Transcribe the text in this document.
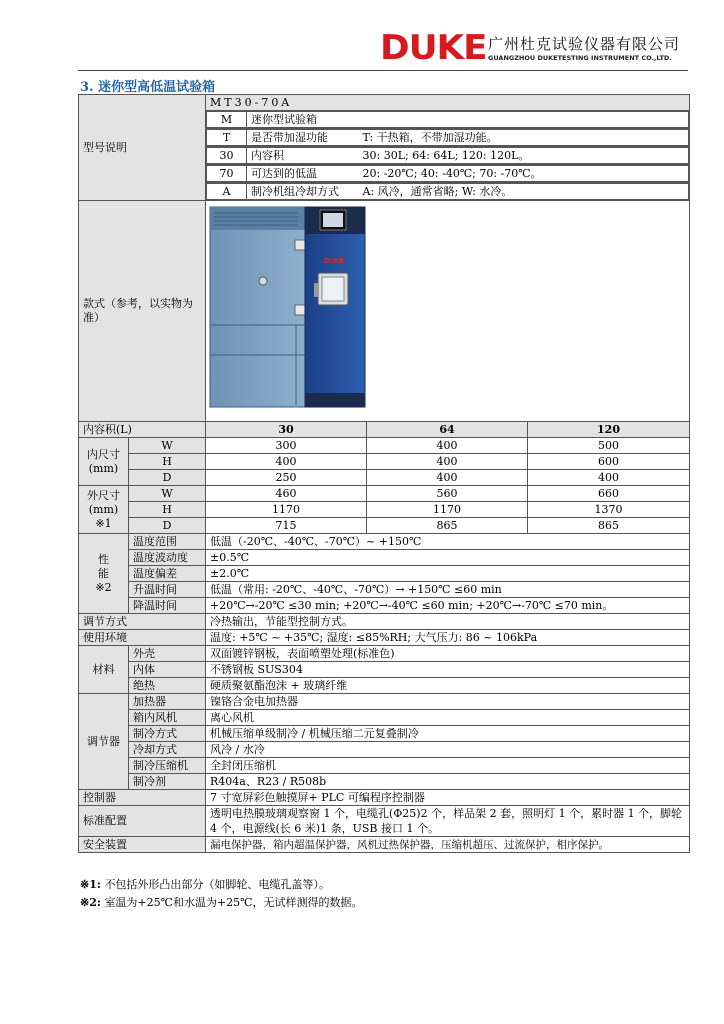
DUKE 广州杜克试验仪器有限公司
GUANGZHOU DUKETESTING INSTRUMENT CO.,LTD.
3. 迷你型高低温试验箱
型号说明	MT30-70A

M	迷你型试验箱

T	是否带加湿功能	T: 干热箱，不带加湿功能。

30	内容积	30: 30L; 64: 64L; 120: 120L。

70	可达到的低温	20: -20℃; 40: -40℃; 70: -70℃。

A	制冷机组冷却方式	A: 风冷，通常省略; W: 水冷。

款式（参考，以实物为准）	
DUKE

内容积(L)	30	64	120
内尺寸(mm)	W	300	400	500
H	400	400	600
D	250	400	400
外尺寸(mm)
※1	W	460	560	660
H	1170	1170	1370
D	715	865	865
性
能
※2	温度范围	低温（-20℃、-40℃、-70℃）~ +150℃
温度波动度	±0.5℃
温度偏差	±2.0℃
升温时间	低温（常用: -20℃、-40℃、-70℃）→ +150℃ ≤60 min
降温时间	+20℃→-20℃ ≤30 min; +20℃→-40℃ ≤60 min; +20℃→-70℃ ≤70 min。
调节方式	冷热输出，节能型控制方式。
使用环境	温度: +5℃ ~ +35℃; 湿度: ≤85%RH; 大气压力: 86 ~ 106kPa
材料	外壳	双面镀锌钢板，表面喷塑处理(标准色)
内体	不锈钢板 SUS304
绝热	硬质聚氨酯泡沫 + 玻璃纤维
调节器	加热器	镍铬合金电加热器
箱内风机	离心风机
制冷方式	机械压缩单级制冷 / 机械压缩二元复叠制冷
冷却方式	风冷 / 水冷
制冷压缩机	全封闭压缩机
制冷剂	R404a、R23 / R508b
控制器	7 寸宽屏彩色触摸屏+ PLC 可编程序控制器
标准配置	透明电热膜玻璃观察窗 1 个，电缆孔(Φ25)2 个，样品架 2 套，照明灯 1 个，累时器 1 个，脚轮 4 个，电源线(长 6 米)1 条，USB 接口 1 个。
安全装置	漏电保护器，箱内超温保护器，风机过热保护器，压缩机超压、过流保护，相序保护。
※1: 不包括外形凸出部分（如脚轮、电缆孔盖等）。
※2: 室温为+25℃和水温为+25℃，无试样测得的数据。
